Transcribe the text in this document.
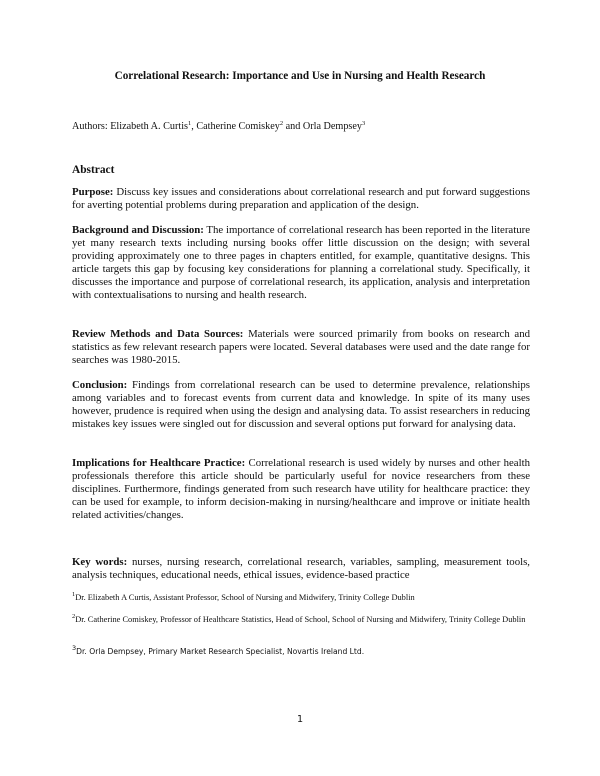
Correlational Research: Importance and Use in Nursing and Health Research
Authors: Elizabeth A. Curtis$^1$, Catherine Comiskey$^2$ and Orla Dempsey$^3$
Abstract
Purpose: Discuss key issues and considerations about correlational research and put forward suggestions for averting potential problems during preparation and application of the design.
Background and Discussion: The importance of correlational research has been reported in the literature yet many research texts including nursing books offer little discussion on the design; with several providing approximately one to three pages in chapters entitled, for example, quantitative designs. This article targets this gap by focusing key considerations for planning a correlational study. Specifically, it discusses the importance and purpose of correlational research, its application, analysis and interpretation with contextualisations to nursing and health research.
Review Methods and Data Sources: Materials were sourced primarily from books on research and statistics as few relevant research papers were located. Several databases were used and the date range for searches was 1980-2015.
Conclusion: Findings from correlational research can be used to determine prevalence, relationships among variables and to forecast events from current data and knowledge. In spite of its many uses however, prudence is required when using the design and analysing data. To assist researchers in reducing mistakes key issues were singled out for discussion and several options put forward for analysing data.
Implications for Healthcare Practice: Correlational research is used widely by nurses and other health professionals therefore this article should be particularly useful for novice researchers from these disciplines. Furthermore, findings generated from such research have utility for healthcare practice: they can be used for example, to inform decision-making in nursing/healthcare and improve or initiate health related activities/changes.
Key words: nurses, nursing research, correlational research, variables, sampling, measurement tools, analysis techniques, educational needs, ethical issues, evidence-based practice
$^1$Dr. Elizabeth A Curtis, Assistant Professor, School of Nursing and Midwifery, Trinity College Dublin
$^2$Dr. Catherine Comiskey, Professor of Healthcare Statistics, Head of School, School of Nursing and Midwifery, Trinity College Dublin
$^3$Dr. Orla Dempsey, Primary Market Research Specialist, Novartis Ireland Ltd.
1
